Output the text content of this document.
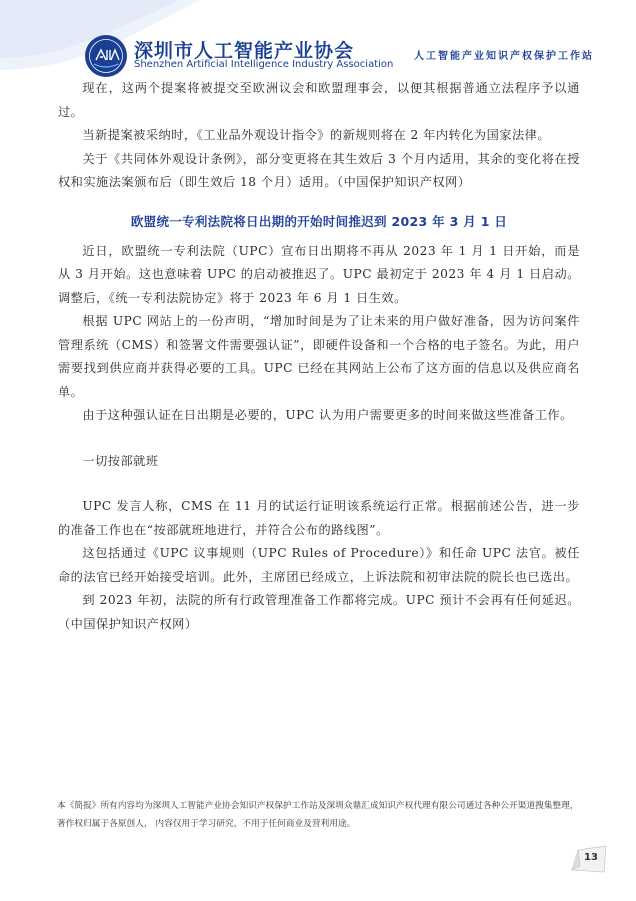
深圳市人工智能产业协会
Shenzhen Artificial Intelligence Industry Association
人工智能产业知识产权保护工作站

现在，这两个提案将被提交至欧洲议会和欧盟理事会，以便其根据普通立法程序予以通过。

当新提案被采纳时，《工业品外观设计指令》的新规则将在 2 年内转化为国家法律。

关于《共同体外观设计条例》，部分变更将在其生效后 3 个月内适用，其余的变化将在授权和实施法案颁布后（即生效后 18 个月）适用。（中国保护知识产权网）

欧盟统一专利法院将日出期的开始时间推迟到 2023 年 3 月 1 日

近日，欧盟统一专利法院（UPC）宣布日出期将不再从 2023 年 1 月 1 日开始，而是从 3 月开始。这也意味着 UPC 的启动被推迟了。UPC 最初定于 2023 年 4 月 1 日启动。调整后，《统一专利法院协定》将于 2023 年 6 月 1 日生效。

根据 UPC 网站上的一份声明，“增加时间是为了让未来的用户做好准备，因为访问案件管理系统（CMS）和签署文件需要强认证”，即硬件设备和一个合格的电子签名。为此，用户需要找到供应商并获得必要的工具。UPC 已经在其网站上公布了这方面的信息以及供应商名单。

由于这种强认证在日出期是必要的，UPC 认为用户需要更多的时间来做这些准备工作。

一切按部就班

UPC 发言人称，CMS 在 11 月的试运行证明该系统运行正常。根据前述公告，进一步的准备工作也在“按部就班地进行，并符合公布的路线图”。

这包括通过《UPC 议事规则（UPC Rules of Procedure）》和任命 UPC 法官。被任命的法官已经开始接受培训。此外，主席团已经成立，上诉法院和初审法院的院长也已选出。

到 2023 年初，法院的所有行政管理准备工作都将完成。UPC 预计不会再有任何延迟。（中国保护知识产权网）

本《简报》所有内容均为深圳人工智能产业协会知识产权保护工作站及深圳众鼎汇成知识产权代理有限公司通过各种公开渠道搜集整理，著作权归属于各原创人， 内容仅用于学习研究，不用于任何商业及营利用途。
13
